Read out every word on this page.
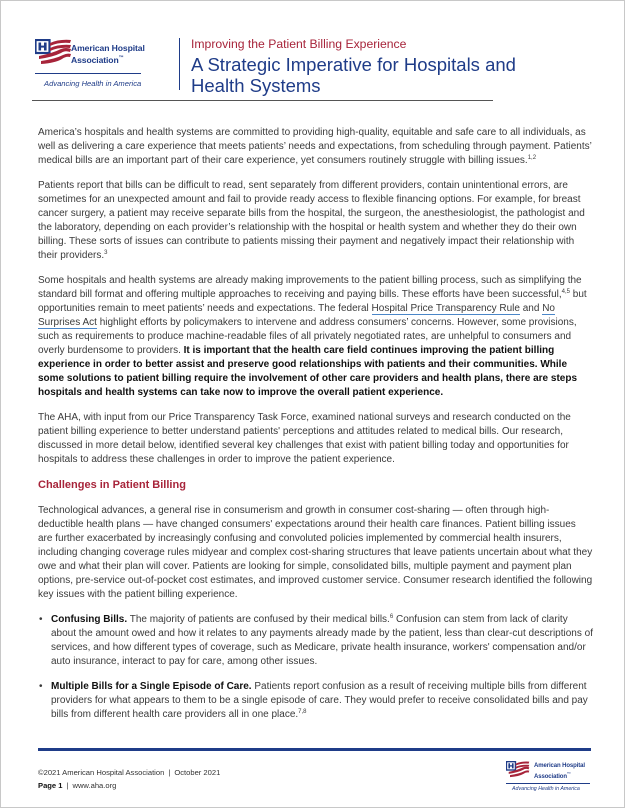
American Hospital
Association™
Advancing Health in America
Improving the Patient Billing Experience
A Strategic Imperative for Hospitals and Health Systems

America’s hospitals and health systems are committed to providing high-quality, equitable and safe care to all individuals, as well as delivering a care experience that meets patients’ needs and expectations, from scheduling through payment. Patients’ medical bills are an important part of their care experience, yet consumers routinely struggle with billing issues.$^{1,2}$

Patients report that bills can be difficult to read, sent separately from different providers, contain unintentional errors, are sometimes for an unexpected amount and fail to provide ready access to flexible financing options. For example, for breast cancer surgery, a patient may receive separate bills from the hospital, the surgeon, the anesthesiologist, the pathologist and the laboratory, depending on each provider’s relationship with the hospital or health system and whether they do their own billing. These sorts of issues can contribute to patients missing their payment and negatively impact their relationship with their providers.$^3$

Some hospitals and health systems are already making improvements to the patient billing process, such as simplifying the standard bill format and offering multiple approaches to receiving and paying bills. These efforts have been successful,$^{4,5}$ but opportunities remain to meet patients’ needs and expectations. The federal Hospital Price Transparency Rule and No Surprises Act highlight efforts by policymakers to intervene and address consumers’ concerns. However, some provisions, such as requirements to produce machine-readable files of all privately negotiated rates, are unhelpful to consumers and overly burdensome to providers. It is important that the health care field continues improving the patient billing experience in order to better assist and preserve good relationships with patients and their communities. While some solutions to patient billing require the involvement of other care providers and health plans, there are steps hospitals and health systems can take now to improve the overall patient experience.

The AHA, with input from our Price Transparency Task Force, examined national surveys and research conducted on the patient billing experience to better understand patients' perceptions and attitudes related to medical bills. Our research, discussed in more detail below, identified several key challenges that exist with patient billing today and opportunities for hospitals to address these challenges in order to improve the patient experience.

Challenges in Patient Billing

Technological advances, a general rise in consumerism and growth in consumer cost-sharing — often through high-deductible health plans — have changed consumers' expectations around their health care finances. Patient billing issues are further exacerbated by increasingly confusing and convoluted policies implemented by commercial health insurers, including changing coverage rules midyear and complex cost-sharing structures that leave patients uncertain about what they owe and what their plan will cover. Patients are looking for simple, consolidated bills, multiple payment and payment plan options, pre-service out-of-pocket cost estimates, and improved customer service. Consumer research identified the following key issues with the patient billing experience.

• Confusing Bills. The majority of patients are confused by their medical bills.$^6$ Confusion can stem from lack of clarity about the amount owed and how it relates to any payments already made by the patient, less than clear-cut descriptions of services, and how different types of coverage, such as Medicare, private health insurance, workers' compensation and/or auto insurance, interact to pay for care, among other issues.
• Multiple Bills for a Single Episode of Care. Patients report confusion as a result of receiving multiple bills from different providers for what appears to them to be a single episode of care. They would prefer to receive consolidated bills and pay bills from different health care providers all in one place.$^{7,8}$
©2021 American Hospital Association | October 2021
Page 1 | www.aha.org
American Hospital
Association™
Advancing Health in America
